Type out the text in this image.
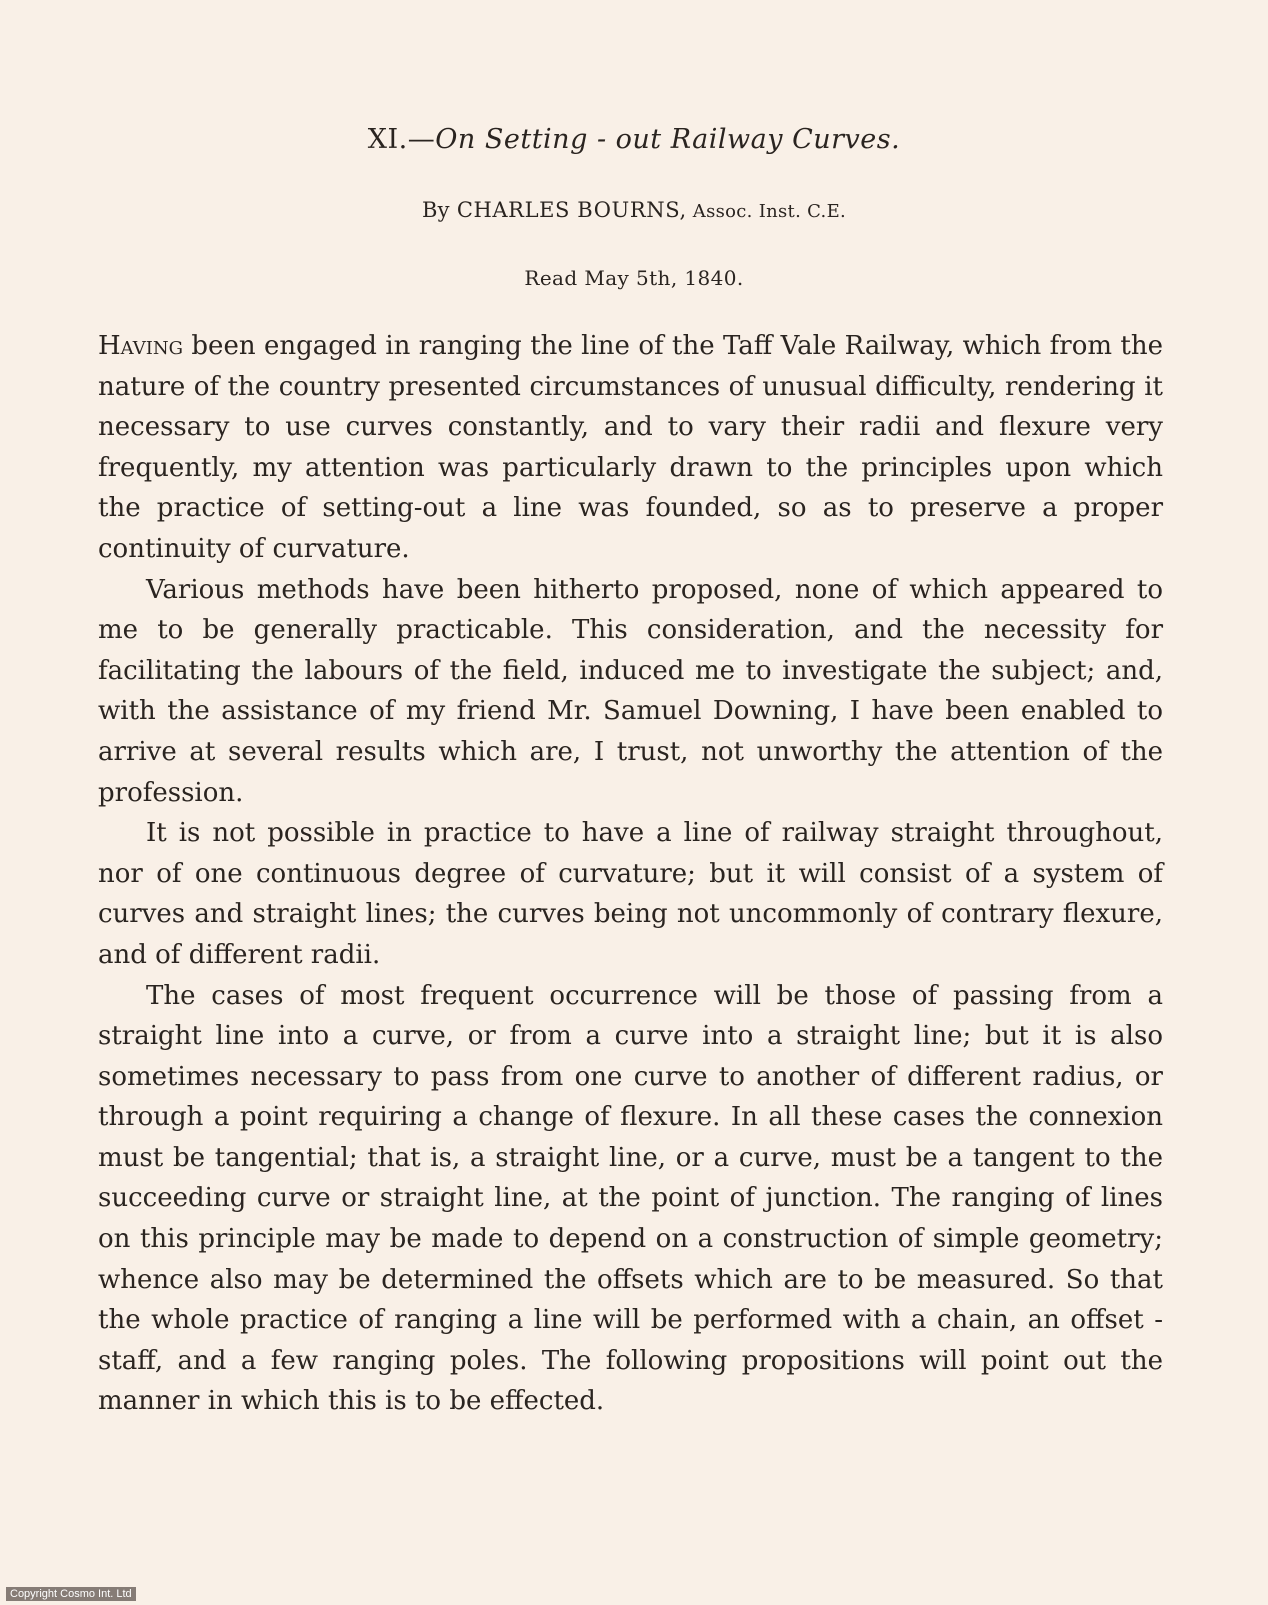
XI.—On Setting - out Railway Curves.
By CHARLES BOURNS, Assoc. Inst. C.E.
Read May 5th, 1840.

Having been engaged in ranging the line of the Taff Vale Railway, which from the nature of the country presented circumstances of unusual difficulty, rendering it necessary to use curves constantly, and to vary their radii and flexure very frequently, my attention was particularly drawn to the principles upon which the practice of setting-out a line was founded, so as to preserve a proper continuity of curvature.

Various methods have been hitherto proposed, none of which appeared to me to be generally practicable. This consideration, and the necessity for facilitating the labours of the field, induced me to investigate the subject; and, with the assistance of my friend Mr. Samuel Downing, I have been enabled to arrive at several results which are, I trust, not unworthy the attention of the profession.

It is not possible in practice to have a line of railway straight throughout, nor of one continuous degree of curvature; but it will consist of a system of curves and straight lines; the curves being not uncommonly of contrary flexure, and of different radii.

The cases of most frequent occurrence will be those of passing from a straight line into a curve, or from a curve into a straight line; but it is also sometimes necessary to pass from one curve to another of different radius, or through a point requiring a change of flexure. In all these cases the connexion must be tangential; that is, a straight line, or a curve, must be a tangent to the succeeding curve or straight line, at the point of junction. The ranging of lines on this principle may be made to depend on a construction of simple geometry; whence also may be determined the offsets which are to be measured. So that the whole practice of ranging a line will be performed with a chain, an offset - staff, and a few ranging poles. The following propositions will point out the manner in which this is to be effected.

Copyright Cosmo Int. Ltd
